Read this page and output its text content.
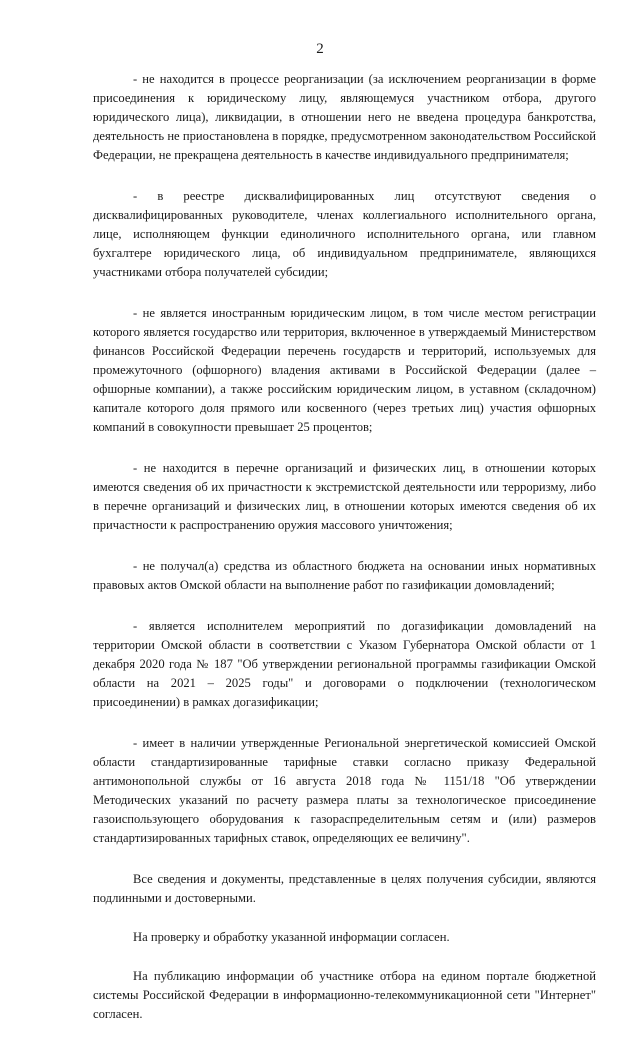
2

- не находится в процессе реорганизации (за исключением реорганизации в форме присоединения к юридическому лицу, являющемуся участником отбора, другого юридического лица), ликвидации, в отношении него не введена процедура банкротства, деятельность не приостановлена в порядке, предусмотренном законодательством Российской Федерации, не прекращена деятельность в качестве индивидуального предпринимателя;

- в реестре дисквалифицированных лиц отсутствуют сведения о дисквалифицированных руководителе, членах коллегиального исполнительного органа, лице, исполняющем функции единоличного исполнительного органа, или главном бухгалтере юридического лица, об индивидуальном предпринимателе, являющихся участниками отбора получателей субсидии;

- не является иностранным юридическим лицом, в том числе местом регистрации которого является государство или территория, включенное в утверждаемый Министерством финансов Российской Федерации перечень государств и территорий, используемых для промежуточного (офшорного) владения активами в Российской Федерации (далее – офшорные компании), а также российским юридическим лицом, в уставном (складочном) капитале которого доля прямого или косвенного (через третьих лиц) участия офшорных компаний в совокупности превышает 25 процентов;

- не находится в перечне организаций и физических лиц, в отношении которых имеются сведения об их причастности к экстремистской деятельности или терроризму, либо в перечне организаций и физических лиц, в отношении которых имеются сведения об их причастности к распространению оружия массового уничтожения;

- не получал(а) средства из областного бюджета на основании иных нормативных правовых актов Омской области на выполнение работ по газификации домовладений;

- является исполнителем мероприятий по догазификации домовладений на территории Омской области в соответствии с Указом Губернатора Омской области от 1 декабря 2020 года № 187 "Об утверждении региональной программы газификации Омской области на 2021 – 2025 годы" и договорами о подключении (технологическом присоединении) в рамках догазификации;

- имеет в наличии утвержденные Региональной энергетической комиссией Омской области стандартизированные тарифные ставки согласно приказу Федеральной антимонопольной службы от 16 августа 2018 года № 1151/18 "Об утверждении Методических указаний по расчету размера платы за технологическое присоединение газоиспользующего оборудования к газораспределительным сетям и (или) размеров стандартизированных тарифных ставок, определяющих ее величину".

Все сведения и документы, представленные в целях получения субсидии, являются подлинными и достоверными.

На проверку и обработку указанной информации согласен.

На публикацию информации об участнике отбора на едином портале бюджетной системы Российской Федерации в информационно-телекоммуникационной сети "Интернет" согласен.
